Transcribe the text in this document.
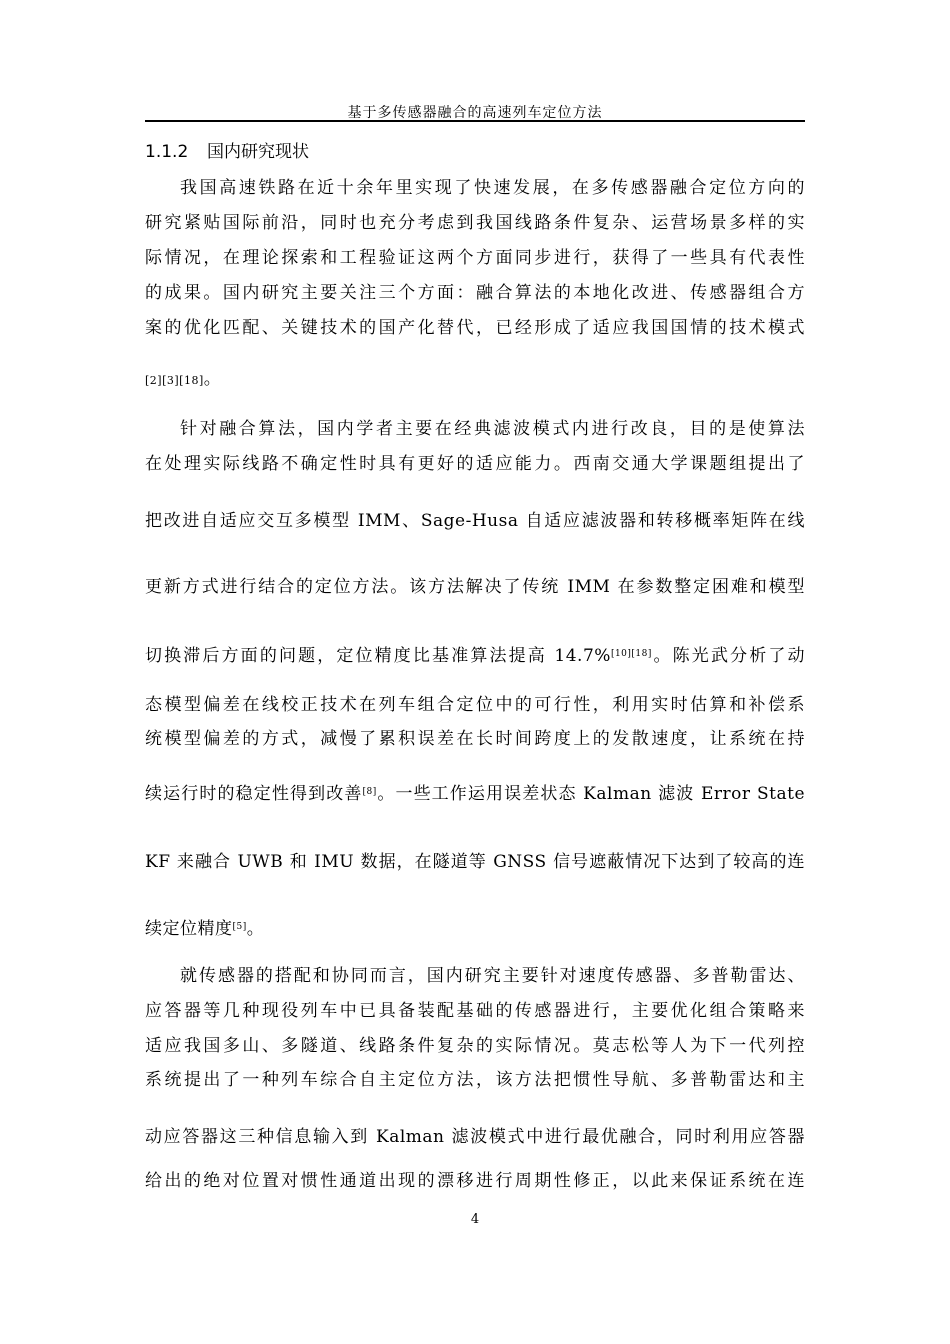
基于多传感器融合的高速列车定位方法
1.1.2 国内研究现状
我国高速铁路在近十余年里实现了快速发展，在多传感器融合定位方向的
研究紧贴国际前沿，同时也充分考虑到我国线路条件复杂、运营场景多样的实
际情况，在理论探索和工程验证这两个方面同步进行，获得了一些具有代表性
的成果。国内研究主要关注三个方面：融合算法的本地化改进、传感器组合方
案的优化匹配、关键技术的国产化替代，已经形成了适应我国国情的技术模式
[2][3][18]。
针对融合算法，国内学者主要在经典滤波模式内进行改良，目的是使算法
在处理实际线路不确定性时具有更好的适应能力。西南交通大学课题组提出了
把改进自适应交互多模型 IMM、Sage-Husa 自适应滤波器和转移概率矩阵在线
更新方式进行结合的定位方法。该方法解决了传统 IMM 在参数整定困难和模型
切换滞后方面的问题，定位精度比基准算法提高 14.7%[10][18]。陈光武分析了动
态模型偏差在线校正技术在列车组合定位中的可行性，利用实时估算和补偿系
统模型偏差的方式，减慢了累积误差在长时间跨度上的发散速度，让系统在持
续运行时的稳定性得到改善[8]。一些工作运用误差状态 Kalman 滤波 Error State
KF 来融合 UWB 和 IMU 数据，在隧道等 GNSS 信号遮蔽情况下达到了较高的连
续定位精度[5]。
就传感器的搭配和协同而言，国内研究主要针对速度传感器、多普勒雷达、
应答器等几种现役列车中已具备装配基础的传感器进行，主要优化组合策略来
适应我国多山、多隧道、线路条件复杂的实际情况。莫志松等人为下一代列控
系统提出了一种列车综合自主定位方法，该方法把惯性导航、多普勒雷达和主
动应答器这三种信息输入到 Kalman 滤波模式中进行最优融合，同时利用应答器
给出的绝对位置对惯性通道出现的漂移进行周期性修正，以此来保证系统在连
4
